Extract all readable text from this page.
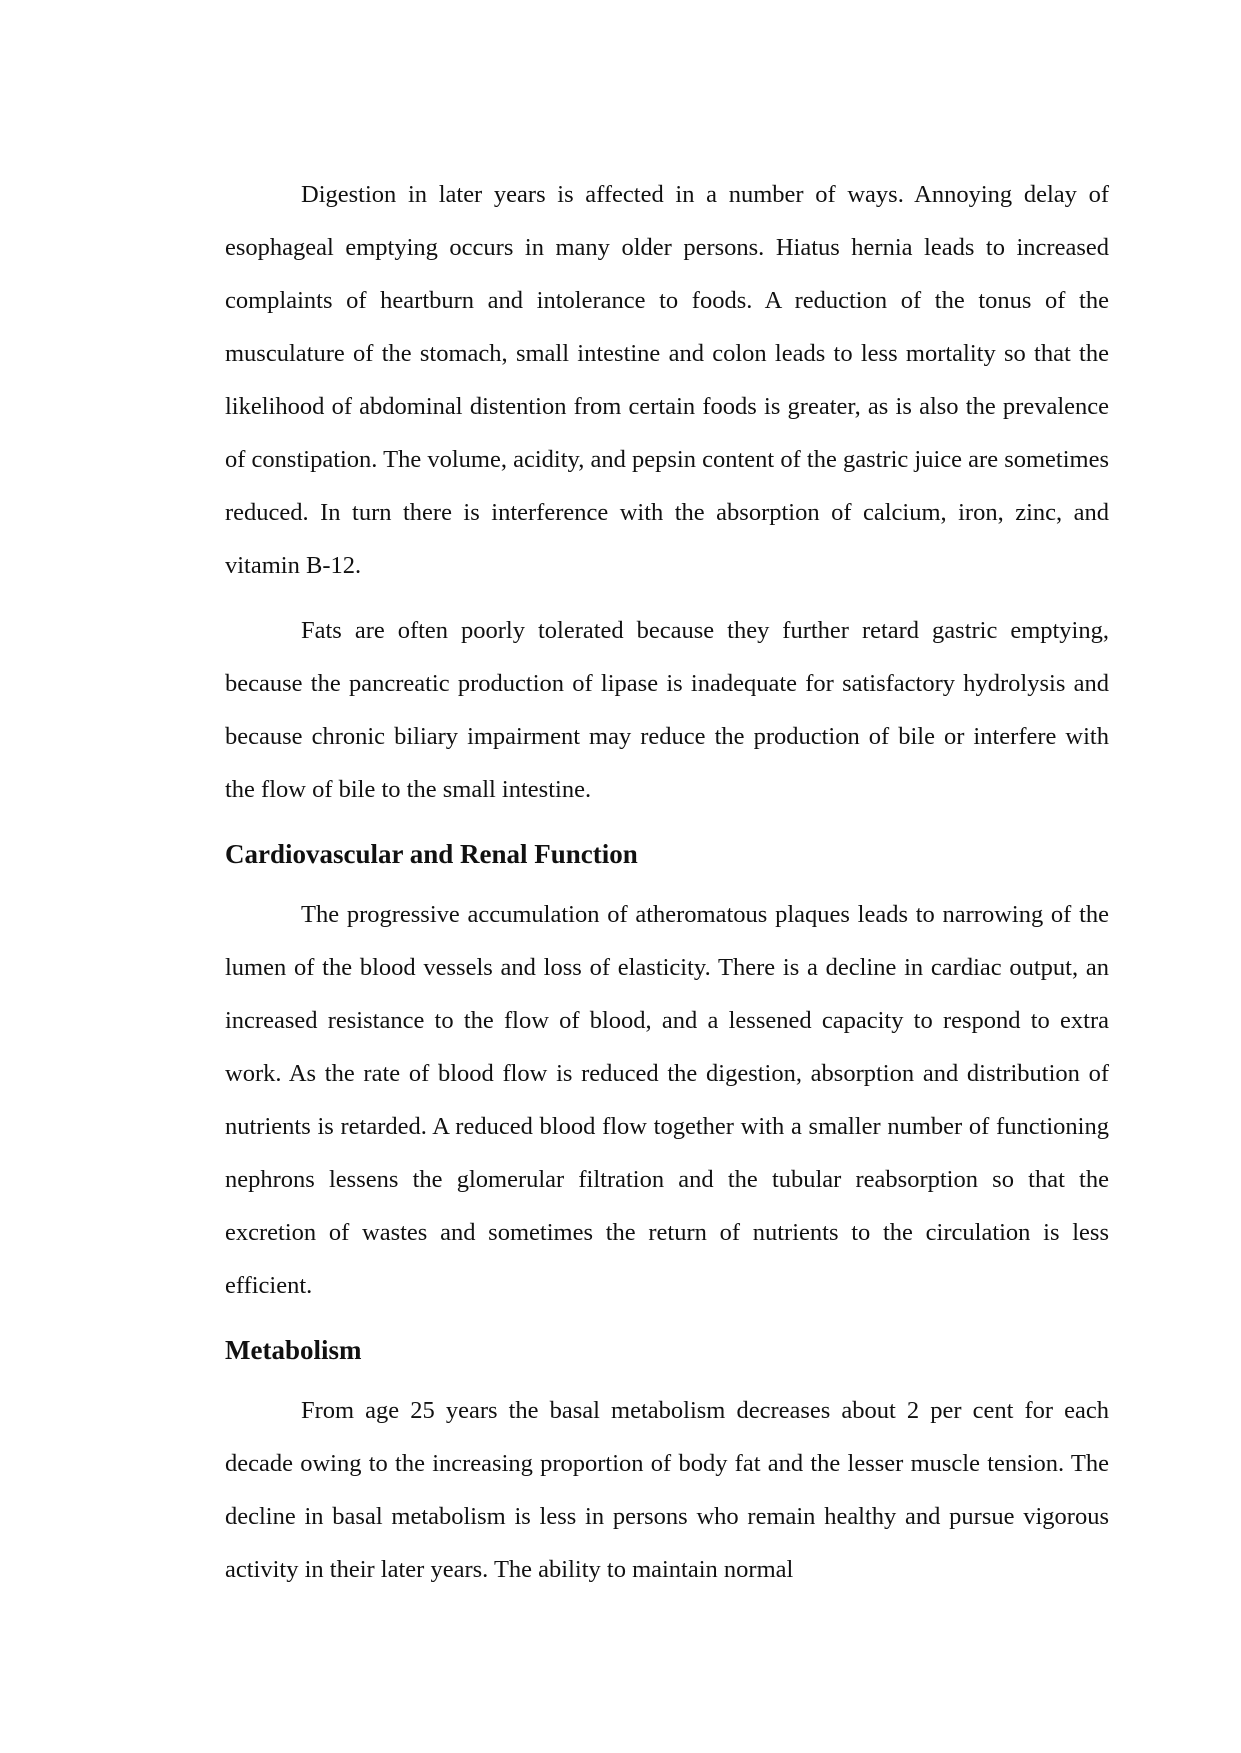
Digestion in later years is affected in a number of ways. Annoying delay of esophageal emptying occurs in many older persons. Hiatus hernia leads to increased complaints of heartburn and intolerance to foods. A reduction of the tonus of the musculature of the stomach, small intestine and colon leads to less mortality so that the likelihood of abdominal distention from certain foods is greater, as is also the prevalence of constipation. The volume, acidity, and pepsin content of the gastric juice are sometimes reduced. In turn there is interference with the absorption of calcium, iron, zinc, and vitamin B-12.

Fats are often poorly tolerated because they further retard gastric emptying, because the pancreatic production of lipase is inadequate for satisfactory hydrolysis and because chronic biliary impairment may reduce the production of bile or interfere with the flow of bile to the small intestine.

Cardiovascular and Renal Function

The progressive accumulation of atheromatous plaques leads to narrowing of the lumen of the blood vessels and loss of elasticity. There is a decline in cardiac output, an increased resistance to the flow of blood, and a lessened capacity to respond to extra work. As the rate of blood flow is reduced the digestion, absorption and distribution of nutrients is retarded. A reduced blood flow together with a smaller number of functioning nephrons lessens the glomerular filtration and the tubular reabsorption so that the excretion of wastes and sometimes the return of nutrients to the circulation is less efficient.

Metabolism

From age 25 years the basal metabolism decreases about 2 per cent for each decade owing to the increasing proportion of body fat and the lesser muscle tension. The decline in basal metabolism is less in persons who remain healthy and pursue vigorous activity in their later years. The ability to maintain normal
